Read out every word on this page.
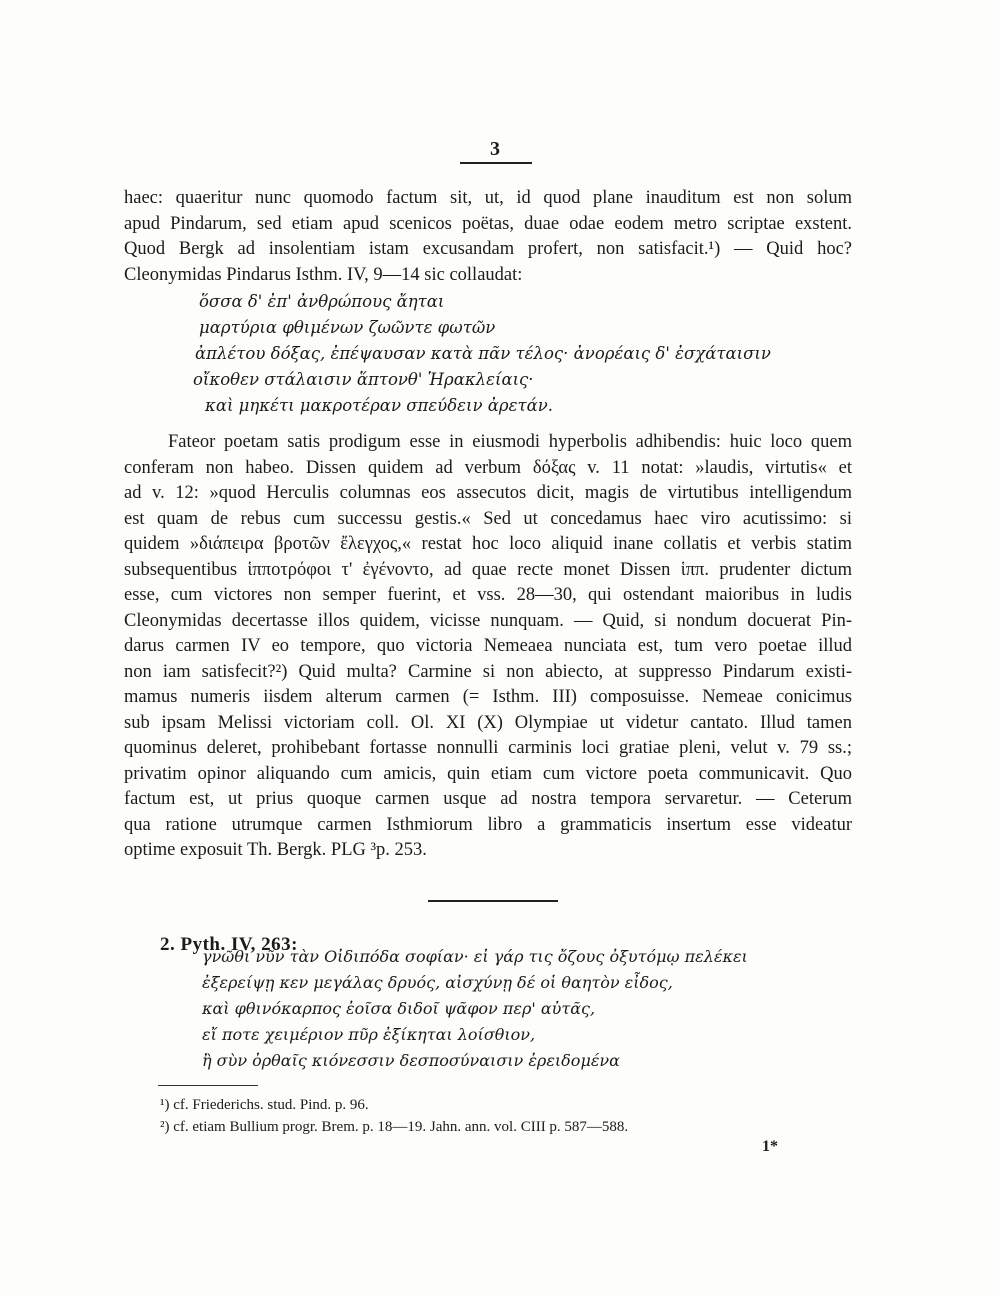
3

haec: quaeritur nunc quomodo factum sit, ut, id quod plane inauditum est non solum
apud Pindarum, sed etiam apud scenicos poëtas, duae odae eodem metro scriptae exstent.
Quod Bergk ad insolentiam istam excusandam profert, non satisfacit.¹) — Quid hoc?
Cleonymidas Pindarus Isthm. IV, 9—14 sic collaudat:

ὅσσα δ' ἐπ' ἀνθρώπους ἄηται
μαρτύρια φθιμένων ζωῶντε φωτῶν
ἀπλέτου δόξας, ἐπέψαυσαν κατὰ πᾶν τέλος· ἀνορέαις δ' ἐσχάταισιν
οἴκοθεν στάλαισιν ἅπτονθ' Ἡρακλείαις·
καὶ μηκέτι μακροτέραν σπεύδειν ἀρετάν.

Fateor poetam satis prodigum esse in eiusmodi hyperbolis adhibendis: huic loco quem
conferam non habeo. Dissen quidem ad verbum δόξας v. 11 notat: »laudis, virtutis« et
ad v. 12: »quod Herculis columnas eos assecutos dicit, magis de virtutibus intelligendum
est quam de rebus cum successu gestis.« Sed ut concedamus haec viro acutissimo: si
quidem »διάπειρα βροτῶν ἔλεγχος,« restat hoc loco aliquid inane collatis et verbis statim
subsequentibus ἱπποτρόφοι τ' ἐγένοντο, ad quae recte monet Dissen ἱππ. prudenter dictum
esse, cum victores non semper fuerint, et vss. 28—30, qui ostendant maioribus in ludis
Cleonymidas decertasse illos quidem, vicisse nunquam. — Quid, si nondum docuerat Pin-
darus carmen IV eo tempore, quo victoria Nemeaea nunciata est, tum vero poetae illud
non iam satisfecit?²) Quid multa? Carmine si non abiecto, at suppresso Pindarum existi-
mamus numeris iisdem alterum carmen (= Isthm. III) composuisse. Nemeae conicimus
sub ipsam Melissi victoriam coll. Ol. XI (X) Olympiae ut videtur cantato. Illud tamen
quominus deleret, prohibebant fortasse nonnulli carminis loci gratiae pleni, velut v. 79 ss.;
privatim opinor aliquando cum amicis, quin etiam cum victore poeta communicavit. Quo
factum est, ut prius quoque carmen usque ad nostra tempora servaretur. — Ceterum
qua ratione utrumque carmen Isthmiorum libro a grammaticis insertum esse videatur
optime exposuit Th. Bergk. PLG ³p. 253.

2. Pyth. IV, 263:
γνῶθι νῦν τὰν Οἰδιπόδα σοφίαν· εἰ γάρ τις ὄζους ὀξυτόμῳ πελέκει
ἐξερείψῃ κεν μεγάλας δρυός, αἰσχύνῃ δέ οἱ θαητὸν εἶδος,
καὶ φθινόκαρπος ἐοῖσα διδοῖ ψᾶφον περ' αὐτᾶς,
εἴ ποτε χειμέριον πῦρ ἐξίκηται λοίσθιον,
ἢ σὺν ὀρθαῖς κιόνεσσιν δεσποσύναισιν ἐρειδομένα
¹) cf. Friederichs. stud. Pind. p. 96.
²) cf. etiam Bullium progr. Brem. p. 18—19. Jahn. ann. vol. CIII p. 587—588.
1*
